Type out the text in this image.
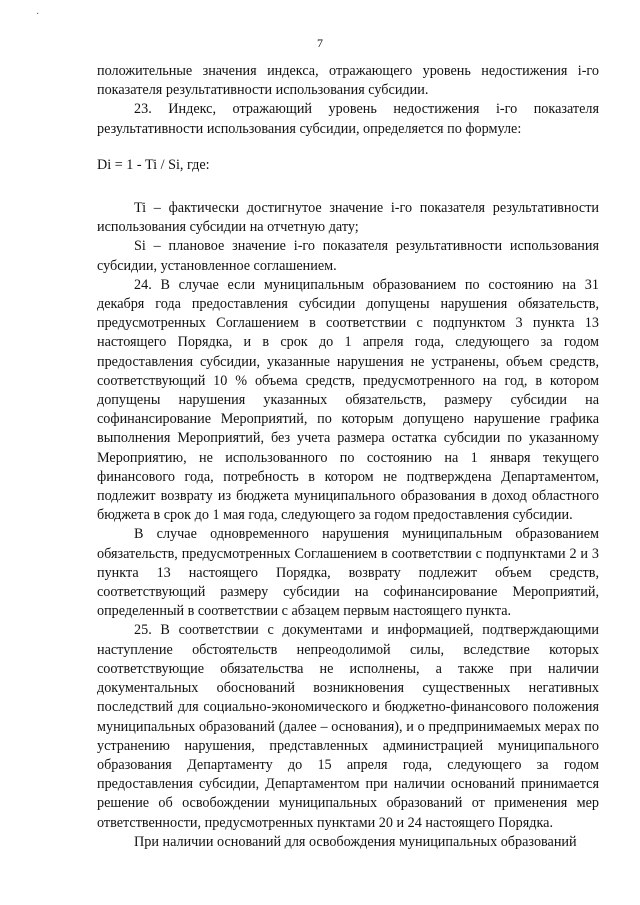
·
7

положительные значения индекса, отражающего уровень недостижения i-го показателя результативности использования субсидии.

23. Индекс, отражающий уровень недостижения i-го показателя результативности использования субсидии, определяется по формуле:

Di = 1 - Ti / Si, где:

Ti – фактически достигнутое значение i-го показателя результативности использования субсидии на отчетную дату;

Si – плановое значение i-го показателя результативности использования субсидии, установленное соглашением.

24. В случае если муниципальным образованием по состоянию на 31 декабря года предоставления субсидии допущены нарушения обязательств, предусмотренных Соглашением в соответствии с подпунктом 3 пункта 13 настоящего Порядка, и в срок до 1 апреля года, следующего за годом предоставления субсидии, указанные нарушения не устранены, объем средств, соответствующий 10 % объема средств, предусмотренного на год, в котором допущены нарушения указанных обязательств, размеру субсидии на софинансирование Мероприятий, по которым допущено нарушение графика выполнения Мероприятий, без учета размера остатка субсидии по указанному Мероприятию, не использованного по состоянию на 1 января текущего финансового года, потребность в котором не подтверждена Департаментом, подлежит возврату из бюджета муниципального образования в доход областного бюджета в срок до 1 мая года, следующего за годом предоставления субсидии.

В случае одновременного нарушения муниципальным образованием обязательств, предусмотренных Соглашением в соответствии с подпунктами 2 и 3 пункта 13 настоящего Порядка, возврату подлежит объем средств, соответствующий размеру субсидии на софинансирование Мероприятий, определенный в соответствии с абзацем первым настоящего пункта.

25. В соответствии с документами и информацией, подтверждающими наступление обстоятельств непреодолимой силы, вследствие которых соответствующие обязательства не исполнены, а также при наличии документальных обоснований возникновения существенных негативных последствий для социально-экономического и бюджетно-финансового положения муниципальных образований (далее – основания), и о предпринимаемых мерах по устранению нарушения, представленных администрацией муниципального образования Департаменту до 15 апреля года, следующего за годом предоставления субсидии, Департаментом при наличии оснований принимается решение об освобождении муниципальных образований от применения мер ответственности, предусмотренных пунктами 20 и 24 настоящего Порядка.

При наличии оснований для освобождения муниципальных образований
